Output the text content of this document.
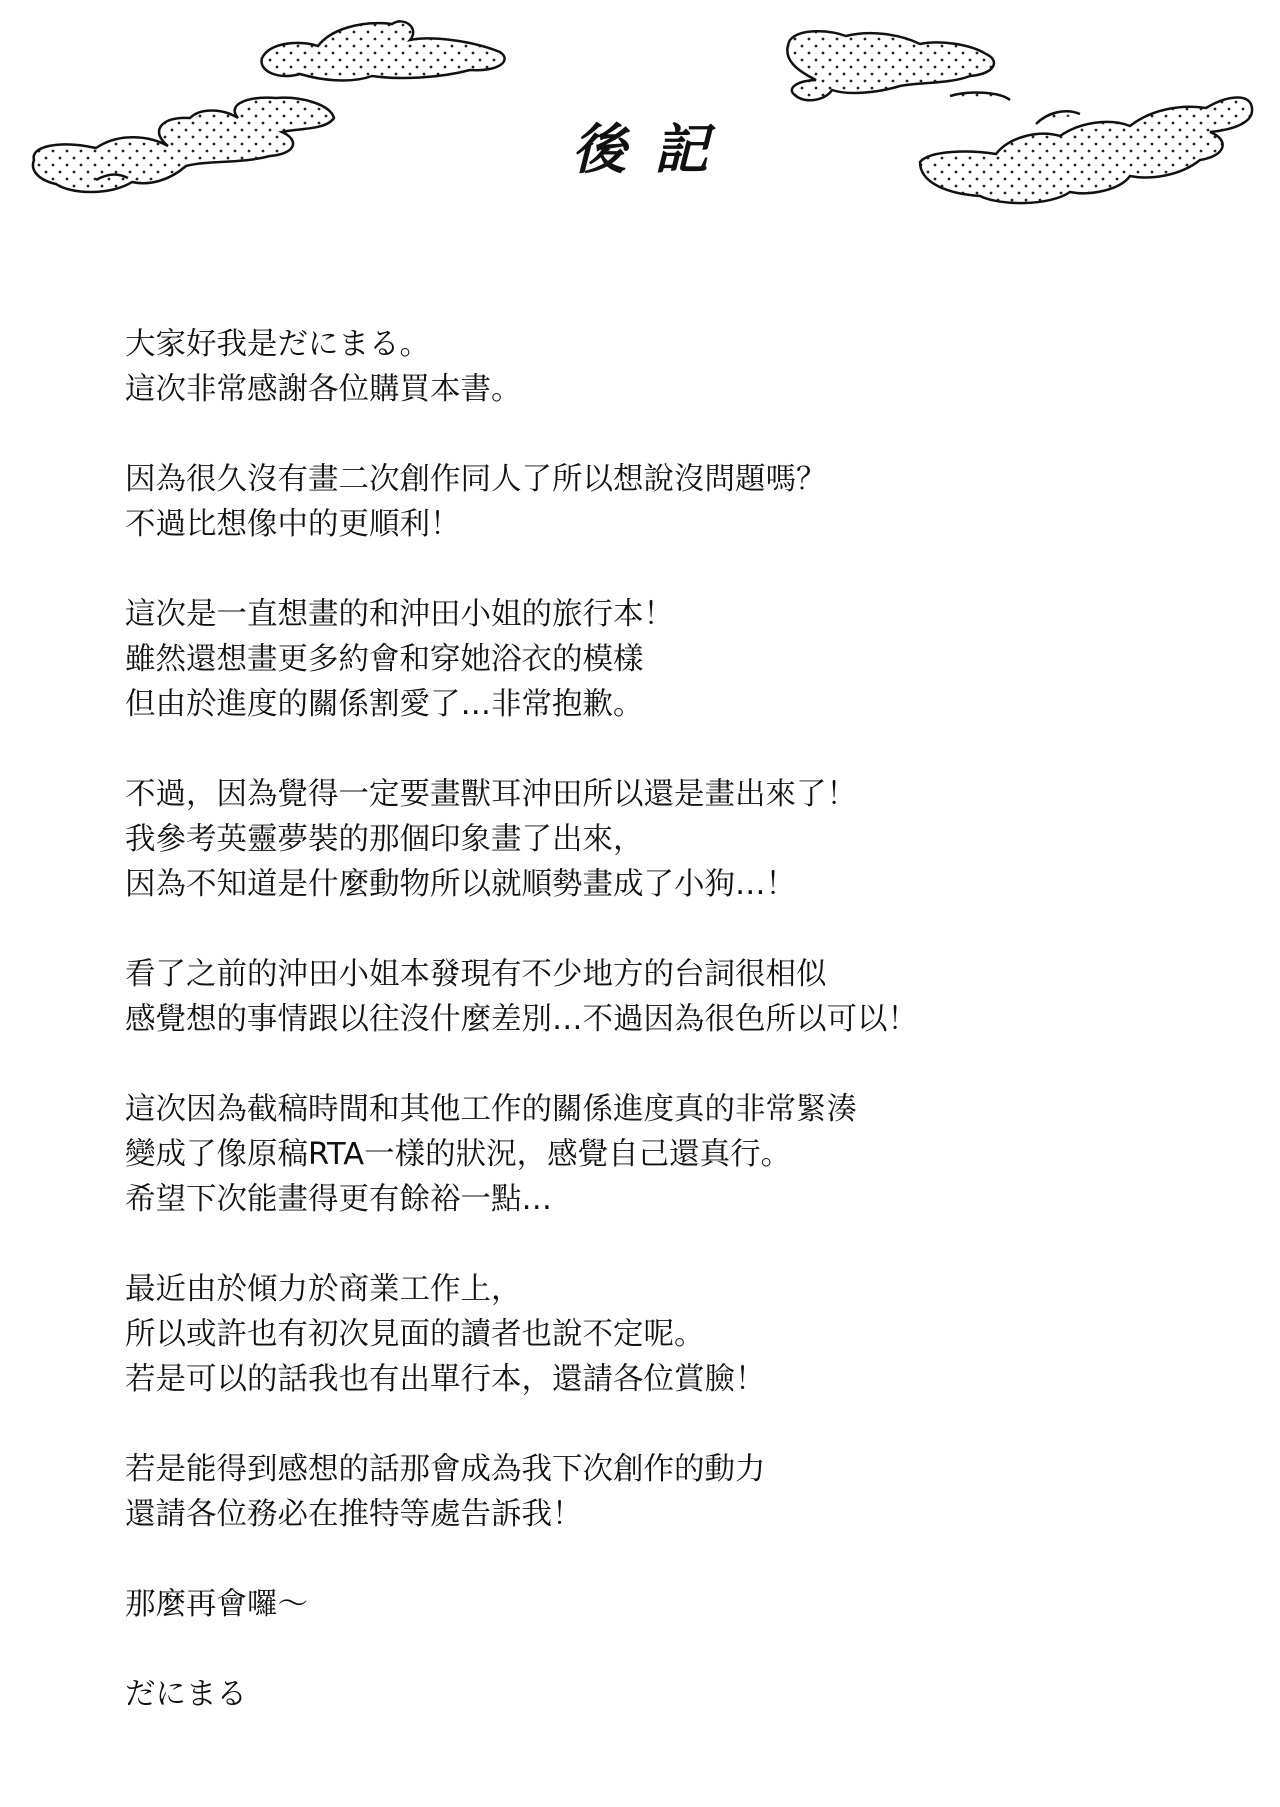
後記
大家好我是だにまる。
這次非常感謝各位購買本書。
因為很久沒有畫二次創作同人了所以想說沒問題嗎？
不過比想像中的更順利！
這次是一直想畫的和沖田小姐的旅行本！
雖然還想畫更多約會和穿她浴衣的模樣
但由於進度的關係割愛了…非常抱歉。
不過，因為覺得一定要畫獸耳沖田所以還是畫出來了！
我參考英靈夢裝的那個印象畫了出來，
因為不知道是什麼動物所以就順勢畫成了小狗…！
看了之前的沖田小姐本發現有不少地方的台詞很相似
感覺想的事情跟以往沒什麼差別…不過因為很色所以可以！
這次因為截稿時間和其他工作的關係進度真的非常緊湊
變成了像原稿RTA一樣的狀況，感覺自己還真行。
希望下次能畫得更有餘裕一點…
最近由於傾力於商業工作上，
所以或許也有初次見面的讀者也說不定呢。
若是可以的話我也有出單行本，還請各位賞臉！
若是能得到感想的話那會成為我下次創作的動力
還請各位務必在推特等處告訴我！
那麼再會囉～
だにまる
